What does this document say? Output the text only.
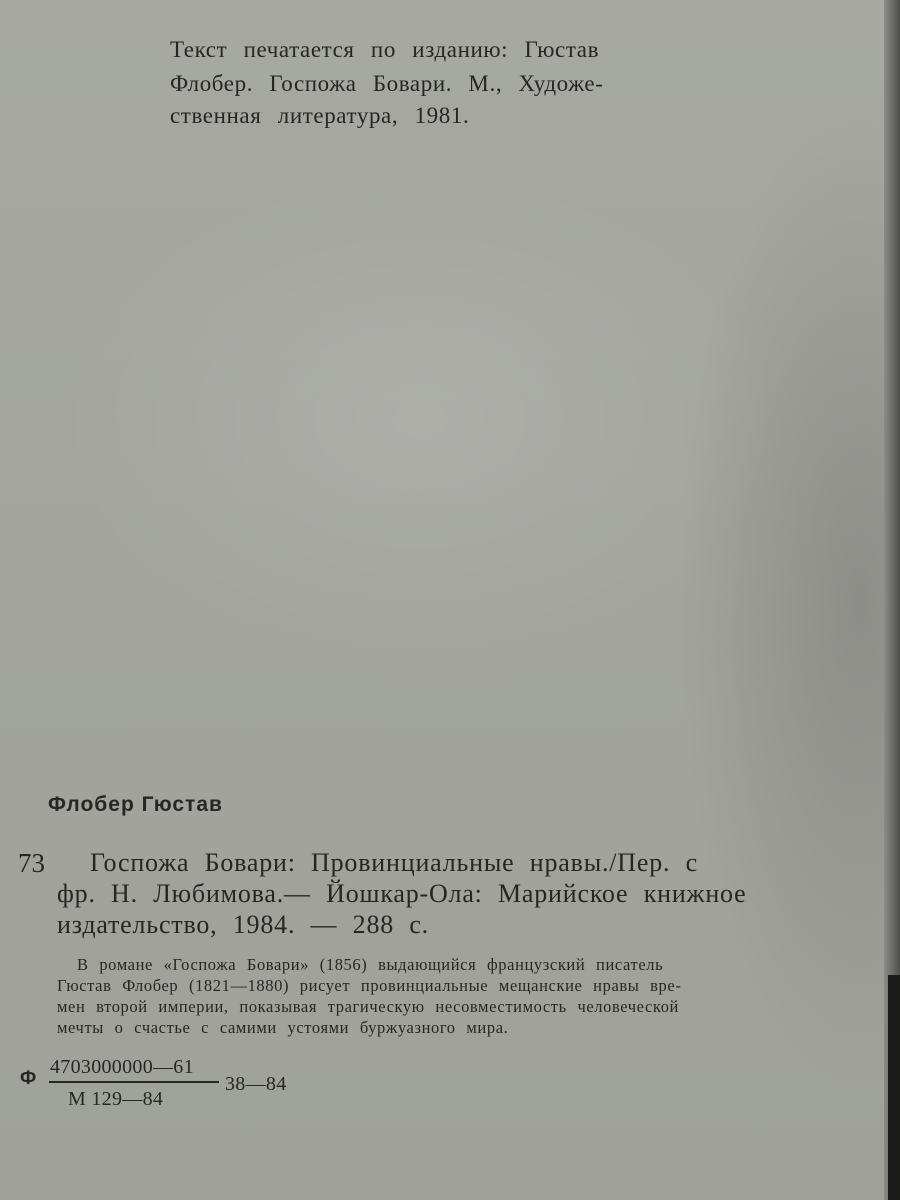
Текст печатается по изданию: Гюстав
Флобер. Госпожа Бовари. М., Художе-
ственная литература, 1981.
Флобер Гюстав
73 Госпожа Бовари: Провинциальные нравы./Пер. с
фр. Н. Любимова.— Йошкар-Ола: Марийское книжное
издательство, 1984. — 288 с.
В романе «Госпожа Бовари» (1856) выдающийся французский писатель
Гюстав Флобер (1821—1880) рисует провинциальные мещанские нравы вре-
мен второй империи, показывая трагическую несовместимость человеческой
мечты о счастье с самими устоями буржуазного мира.
Ф
4703000000—61
М 129—84
38—84
